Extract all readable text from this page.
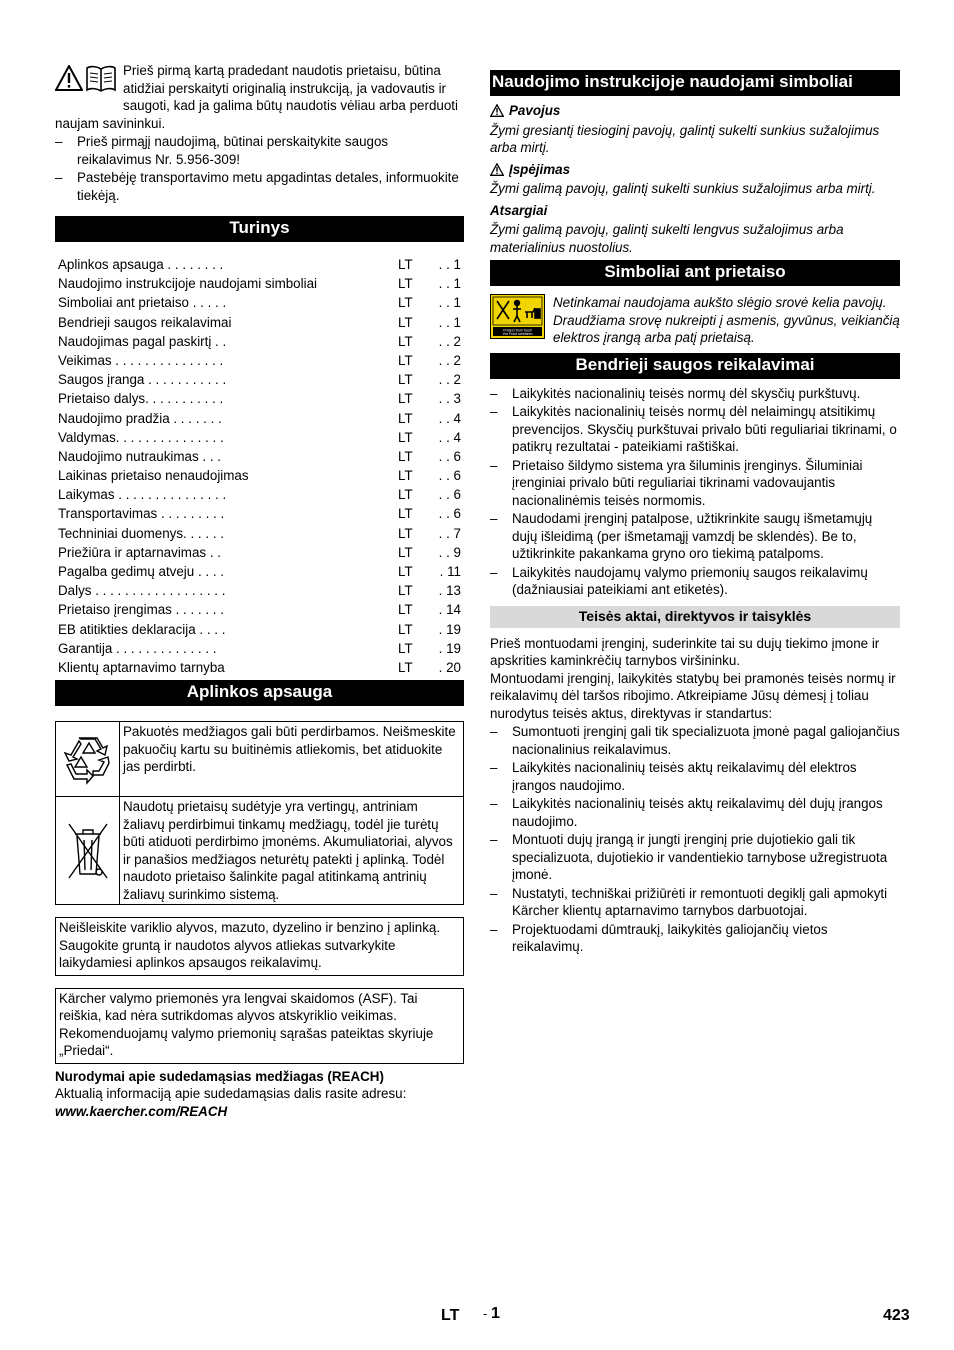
Prieš pirmą kartą pradedant naudotis prietaisu, būtina atidžiai perskaityti originalią instrukciją, ja vadovautis ir saugoti, kad ja galima būtų naudotis vėliau arba perduoti naujam savininkui.

– Prieš pirmąjį naudojimą, būtinai perskaitykite saugos reikalavimus Nr. 5.956-309!
– Pastebėję transportavimo metu apgadintas detales, informuokite tiekėją.
Turinys
Aplinkos apsauga . . . . . . . .	LT	. . 1
Naudojimo instrukcijoje naudojami simboliai	LT	. . 1
Simboliai ant prietaiso . . . . .	LT	. . 1
Bendrieji saugos reikalavimai	LT	. . 1
Naudojimas pagal paskirtį . .	LT	. . 2
Veikimas . . . . . . . . . . . . . . .	LT	. . 2
Saugos įranga . . . . . . . . . . .	LT	. . 2
Prietaiso dalys. . . . . . . . . . .	LT	. . 3
Naudojimo pradžia . . . . . . .	LT	. . 4
Valdymas. . . . . . . . . . . . . . .	LT	. . 4
Naudojimo nutraukimas . . .	LT	. . 6
Laikinas prietaiso nenaudojimas	LT	. . 6
Laikymas . . . . . . . . . . . . . . .	LT	. . 6
Transportavimas . . . . . . . . .	LT	. . 6
Techniniai duomenys. . . . . .	LT	. . 7
Priežiūra ir aptarnavimas . .	LT	. . 9
Pagalba gedimų atveju . . . .	LT	. 11
Dalys . . . . . . . . . . . . . . . . . .	LT	. 13
Prietaiso įrengimas . . . . . . .	LT	. 14
EB atitikties deklaracija . . . .	LT	. 19
Garantija . . . . . . . . . . . . . .	LT	. 19
Klientų aptarnavimo tarnyba	LT	. 20
Aplinkos apsauga
Pakuotės medžiagos gali būti perdirbamos. Neišmeskite pakuočių kartu su buitinėmis atliekomis, bet atiduokite jas perdirbti.
Naudotų prietaisų sudėtyje yra vertingų, antriniam žaliavų perdirbimui tinkamų medžiagų, todėl jie turėtų būti atiduoti perdirbimo įmonėms. Akumuliatoriai, alyvos ir panašios medžiagos neturėtų patekti į aplinką. Todėl naudoto prietaiso šalinkite pagal atitinkamą antrinių žaliavų surinkimo sistemą.

Neišleiskite variklio alyvos, mazuto, dyzelino ir benzino į aplinką. Saugokite gruntą ir naudotos alyvos atliekas sutvarkykite laikydamiesi aplinkos apsaugos reikalavimų.

Kärcher valymo priemonės yra lengvai skaidomos (ASF). Tai reiškia, kad nėra sutrikdomas alyvos atskyriklio veikimas. Rekomenduojamų valymo priemonių sąrašas pateiktas skyriuje „Priedai“.

Nurodymai apie sudedamąsias medžiagas (REACH)

Aktualią informaciją apie sudedamąsias dalis rasite adresu:

www.kaercher.com/REACH

Naudojimo instrukcijoje naudojami simboliai
Pavojus

Žymi gresiantį tiesioginį pavojų, galintį sukelti sunkius sužalojimus arba mirtį.

Įspėjimas

Žymi galimą pavojų, galintį sukelti sunkius sužalojimus arba mirtį.

Atsargiai

Žymi galimą pavojų, galintį sukelti lengvus sužalojimus arba materialinius nuostolius.

Simboliai ant prietaiso
Protect from frost!
Vor Frost schützen

Netinkamai naudojama aukšto slėgio srovė kelia pavojų. Draudžiama srovę nukreipti į asmenis, gyvūnus, veikiančią elektros įrangą arba patį prietaisą.

Bendrieji saugos reikalavimai
– Laikykitės nacionalinių teisės normų dėl skysčių purkštuvų.
– Laikykitės nacionalinių teisės normų dėl nelaimingų atsitikimų prevencijos. Skysčių purkštuvai privalo būti reguliariai tikrinami, o patikrų rezultatai - pateikiami raštiškai.
– Prietaiso šildymo sistema yra šiluminis įrenginys. Šiluminiai įrenginiai privalo būti reguliariai tikrinami vadovaujantis nacionalinėmis teisės normomis.
– Naudodami įrenginį patalpose, užtikrinkite saugų išmetamųjų dujų išleidimą (per išmetamąjį vamzdį be sklendės). Be to, užtikrinkite pakankama gryno oro tiekimą patalpoms.
– Laikykitės naudojamų valymo priemonių saugos reikalavimų (dažniausiai pateikiami ant etiketės).
Teisės aktai, direktyvos ir taisyklės

Prieš montuodami įrenginį, suderinkite tai su dujų tiekimo įmone ir apskrities kaminkrėčių tarnybos viršininku.

Montuodami įrenginį, laikykitės statybų bei pramonės teisės normų ir reikalavimų dėl taršos ribojimo. Atkreipiame Jūsų dėmesį į toliau nurodytus teisės aktus, direktyvas ir standartus:

– Sumontuoti įrenginį gali tik specializuota įmonė pagal galiojančius nacionalinius reikalavimus.
– Laikykitės nacionalinių teisės aktų reikalavimų dėl elektros įrangos naudojimo.
– Laikykitės nacionalinių teisės aktų reikalavimų dėl dujų įrangos naudojimo.
– Montuoti dujų įrangą ir jungti įrenginį prie dujotiekio gali tik specializuota, dujotiekio ir vandentiekio tarnybose užregistruota įmonė.
– Nustatyti, techniškai prižiūrėti ir remontuoti degiklį gali apmokyti Kärcher klientų aptarnavimo tarnybos darbuotojai.
– Projektuodami dūmtraukį, laikykitės galiojančių vietos reikalavimų.
LT - 1	423
